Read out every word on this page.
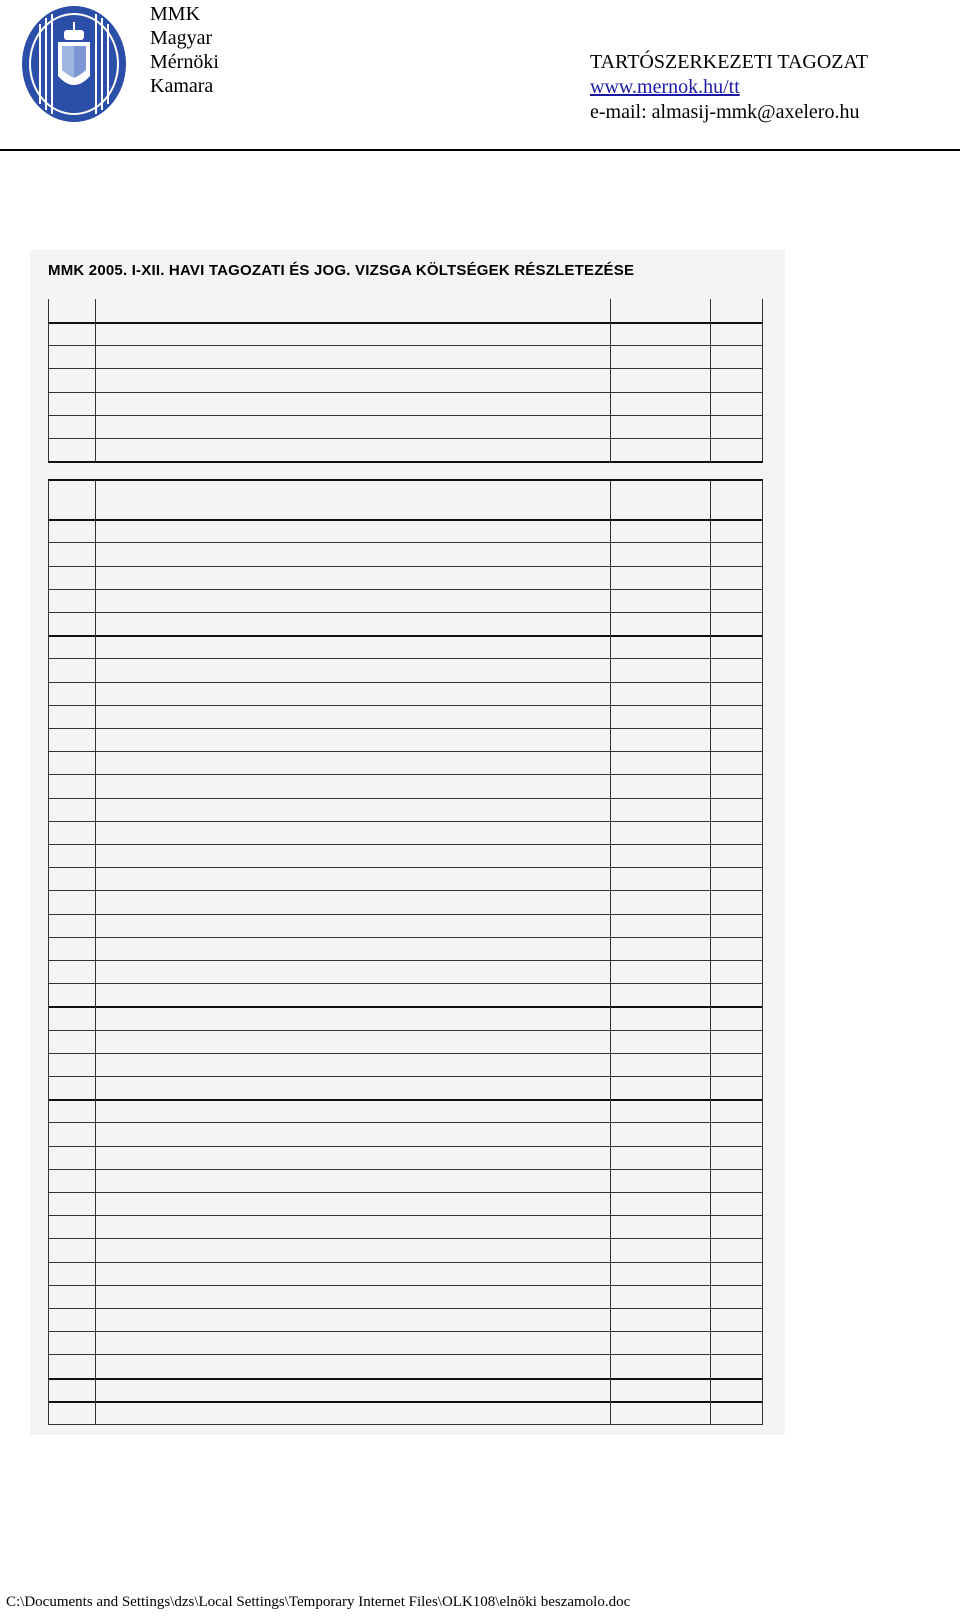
MMK
Magyar
Mérnöki
Kamara
TARTÓSZERKEZETI TAGOZAT
www.mernok.hu/tt
e-mail: almasij-mmk@axelero.hu
MMK 2005. I-XII. HAVI TAGOZATI ÉS JOG. VIZSGA KÖLTSÉGEK RÉSZLETEZÉSE
C:\Documents and Settings\dzs\Local Settings\Temporary Internet Files\OLK108\elnöki beszamolo.doc
